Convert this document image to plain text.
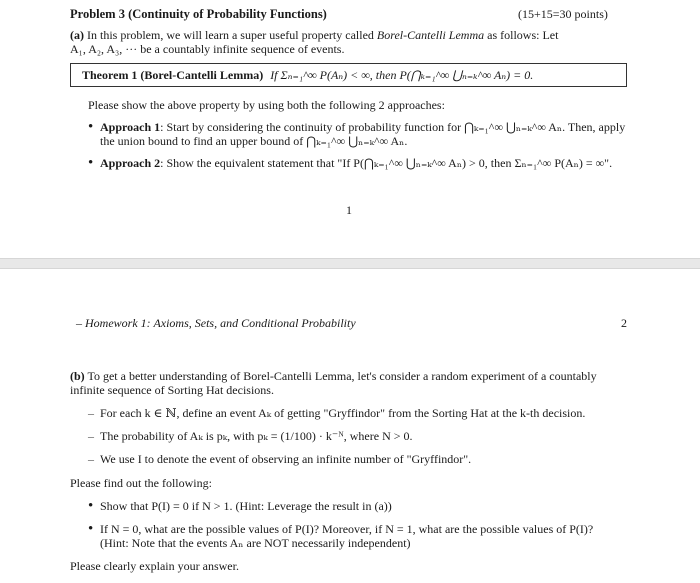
Problem 3 (Continuity of Probability Functions)	(15+15=30 points)
(a) In this problem, we will learn a super useful property called Borel-Cantelli Lemma as follows: Let
A₁, A₂, A₃, ··· be a countably infinite sequence of events.
Theorem 1 (Borel-Cantelli Lemma) If Σₙ₌₁^∞ P(Aₙ) < ∞, then P(⋂ₖ₌₁^∞ ⋃ₙ₌ₖ^∞ Aₙ) = 0.
Please show the above property by using both the following 2 approaches:
• Approach 1: Start by considering the continuity of probability function for ⋂ₖ₌₁^∞ ⋃ₙ₌ₖ^∞ Aₙ. Then, apply
the union bound to find an upper bound of ⋂ₖ₌₁^∞ ⋃ₙ₌ₖ^∞ Aₙ.
• Approach 2: Show the equivalent statement that "If P(⋂ₖ₌₁^∞ ⋃ₙ₌ₖ^∞ Aₙ) > 0, then Σₙ₌₁^∞ P(Aₙ) = ∞".
1
– Homework 1: Axioms, Sets, and Conditional Probability	2
(b) To get a better understanding of Borel-Cantelli Lemma, let's consider a random experiment of a countably
infinite sequence of Sorting Hat decisions.
– For each k ∈ ℕ, define an event Aₖ of getting "Gryffindor" from the Sorting Hat at the k-th decision.
– The probability of Aₖ is pₖ, with pₖ = (1/100) · k⁻ᴺ, where N > 0.
– We use I to denote the event of observing an infinite number of "Gryffindor".
Please find out the following:
• Show that P(I) = 0 if N > 1. (Hint: Leverage the result in (a))
• If N = 0, what are the possible values of P(I)? Moreover, if N = 1, what are the possible values of P(I)?
(Hint: Note that the events Aₙ are NOT necessarily independent)
Please clearly explain your answer.
